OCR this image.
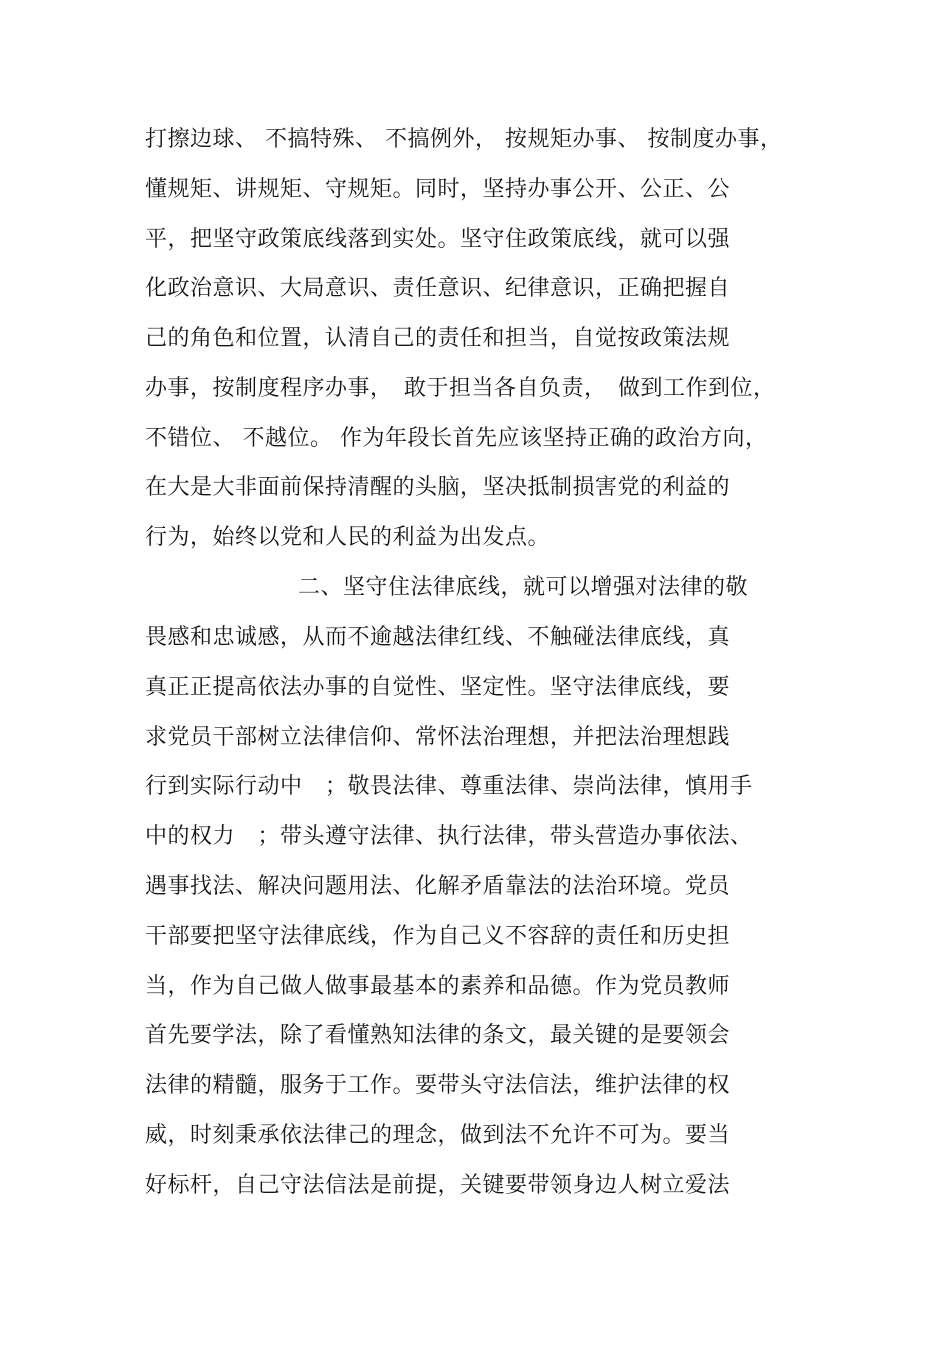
打擦边球、 不搞特殊、 不搞例外， 按规矩办事、 按制度办事，
懂规矩、讲规矩、守规矩。同时，坚持办事公开、公正、公
平，把坚守政策底线落到实处。坚守住政策底线，就可以强
化政治意识、大局意识、责任意识、纪律意识，正确把握自
己的角色和位置，认清自己的责任和担当，自觉按政策法规
办事，按制度程序办事，　敢于担当各自负责，　做到工作到位，
不错位、 不越位。 作为年段长首先应该坚持正确的政治方向，
在大是大非面前保持清醒的头脑，坚决抵制损害党的利益的
行为，始终以党和人民的利益为出发点。
二、坚守住法律底线，就可以增强对法律的敬
畏感和忠诚感，从而不逾越法律红线、不触碰法律底线，真
真正正提高依法办事的自觉性、坚定性。坚守法律底线，要
求党员干部树立法律信仰、常怀法治理想，并把法治理想践
行到实际行动中　；敬畏法律、尊重法律、崇尚法律，慎用手
中的权力　；带头遵守法律、执行法律，带头营造办事依法、
遇事找法、解决问题用法、化解矛盾靠法的法治环境。党员
干部要把坚守法律底线，作为自己义不容辞的责任和历史担
当，作为自己做人做事最基本的素养和品德。作为党员教师
首先要学法，除了看懂熟知法律的条文，最关键的是要领会
法律的精髓，服务于工作。要带头守法信法，维护法律的权
威，时刻秉承依法律己的理念，做到法不允许不可为。要当
好标杆，自己守法信法是前提，关键要带领身边人树立爱法
